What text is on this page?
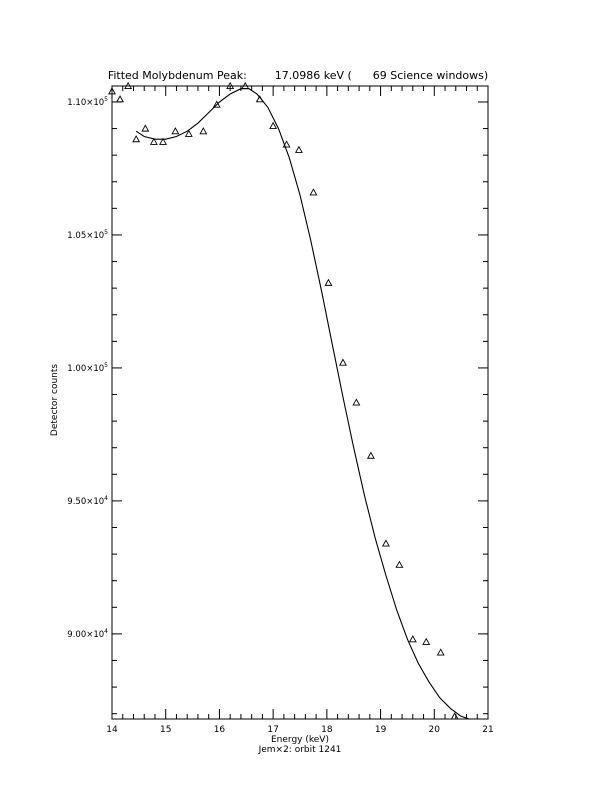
Fitted Molybdenum Peak:        17.0986 keV (      69 Science windows)
14	15	16	17	18	19	20	21
$9.00\times 10^4$
$9.50\times 10^4$
$1.00\times 10^5$
$1.05\times 10^5$
$1.10\times 10^5$
Energy (keV)
Jem×2: orbit 1241
Detector counts
